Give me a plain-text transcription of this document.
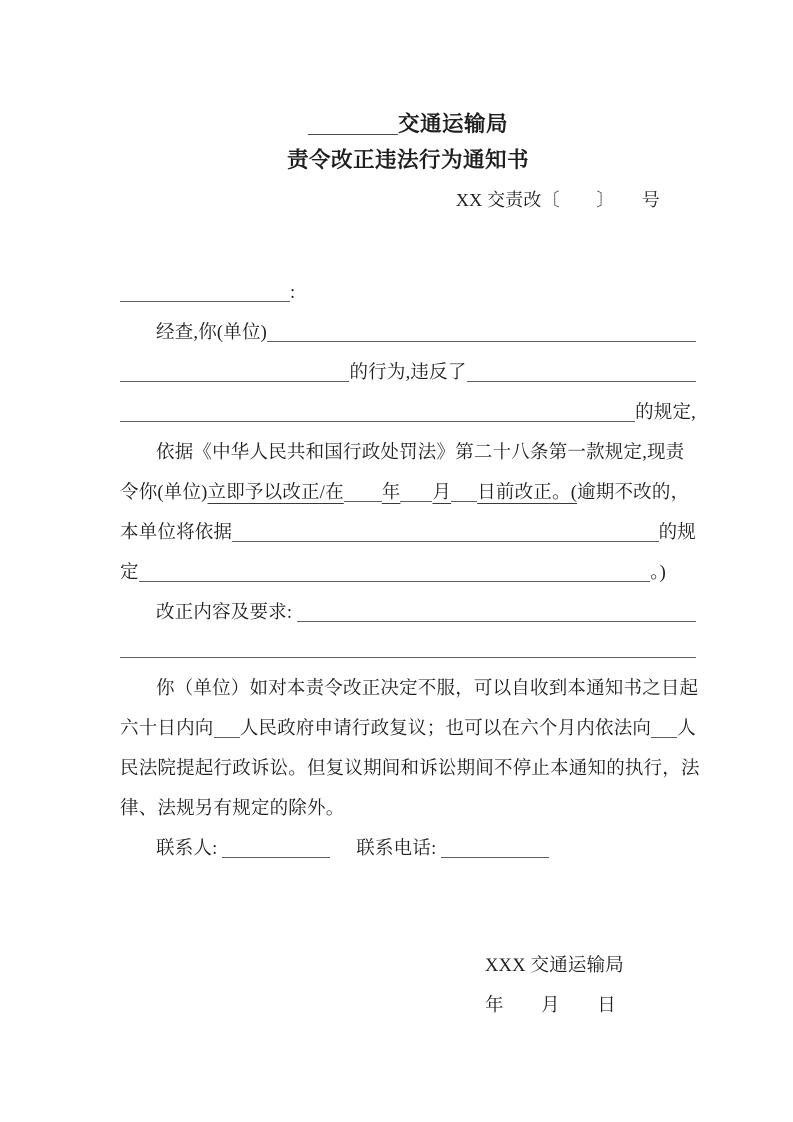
交通运输局
责令改正违法行为通知书
XX 交责改〔　　〕　　号
:
经查,你(单位)
的行为,违反了
的规定,
依据《中华人民共和国行政处罚法》第二十八条第一款规定,现责
令你(单位) 立即予以改正/在 年 月 日前改正。( 逾期不改的，
本单位将依据	的规
定	。)
改正内容及要求:
你（单位）如对本责令改正决定不服，可以自收到本通知书之日起
六十日内向 人民政府申请行政复议；也可以在六个月内依法向 人
民法院提起行政诉讼。但复议期间和诉讼期间不停止本通知的执行，法
律、法规另有规定的除外。
联系人:	联系电话:
XXX 交通运输局
年　　月　　日
